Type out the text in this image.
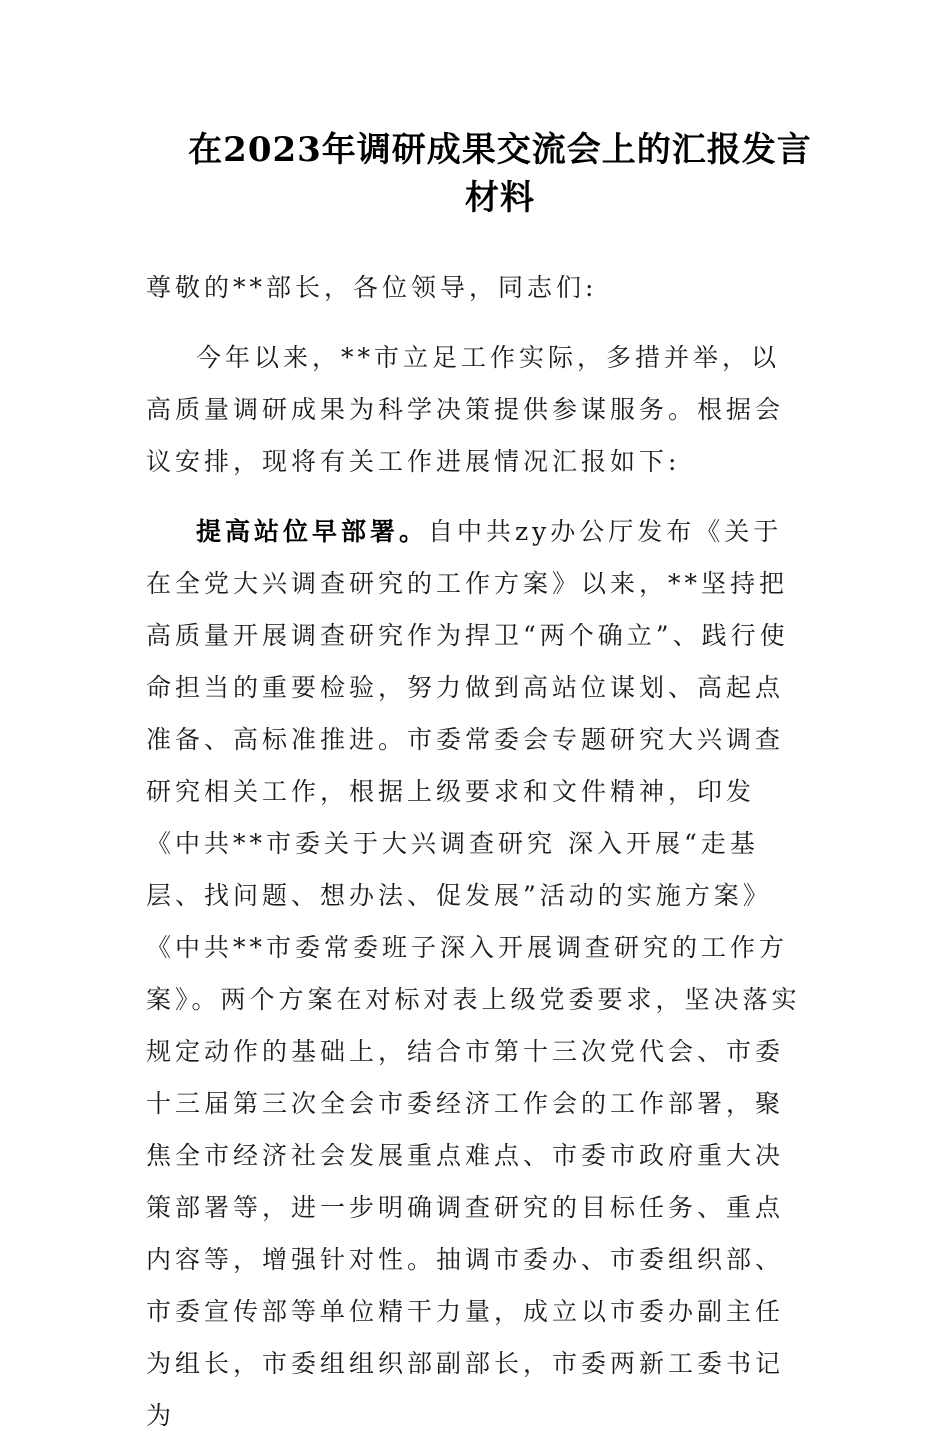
在2023年调研成果交流会上的汇报发言
材料

尊敬的**部长，各位领导，同志们:

今年以来，**市立足工作实际，多措并举，以高质量调研成果为科学决策提供参谋服务。根据会议安排，现将有关工作进展情况汇报如下:

提高站位早部署。自中共zy办公厅发布《关于在全党大兴调查研究的工作方案》以来，**坚持把高质量开展调查研究作为捍卫“两个确立”、践行使命担当的重要检验，努力做到高站位谋划、高起点准备、高标准推进。市委常委会专题研究大兴调查研究相关工作，根据上级要求和文件精神，印发《中共**市委关于大兴调查研究 深入开展“走基层、找问题、想办法、促发展”活动的实施方案》《中共**市委常委班子深入开展调查研究的工作方案》。两个方案在对标对表上级党委要求，坚决落实规定动作的基础上，结合市第十三次党代会、市委十三届第三次全会市委经济工作会的工作部署，聚焦全市经济社会发展重点难点、市委市政府重大决策部署等，进一步明确调查研究的目标任务、重点内容等，增强针对性。抽调市委办、市委组织部、市委宣传部等单位精干力量，成立以市委办副主任为组长，市委组组织部副部长，市委两新工委书记为
